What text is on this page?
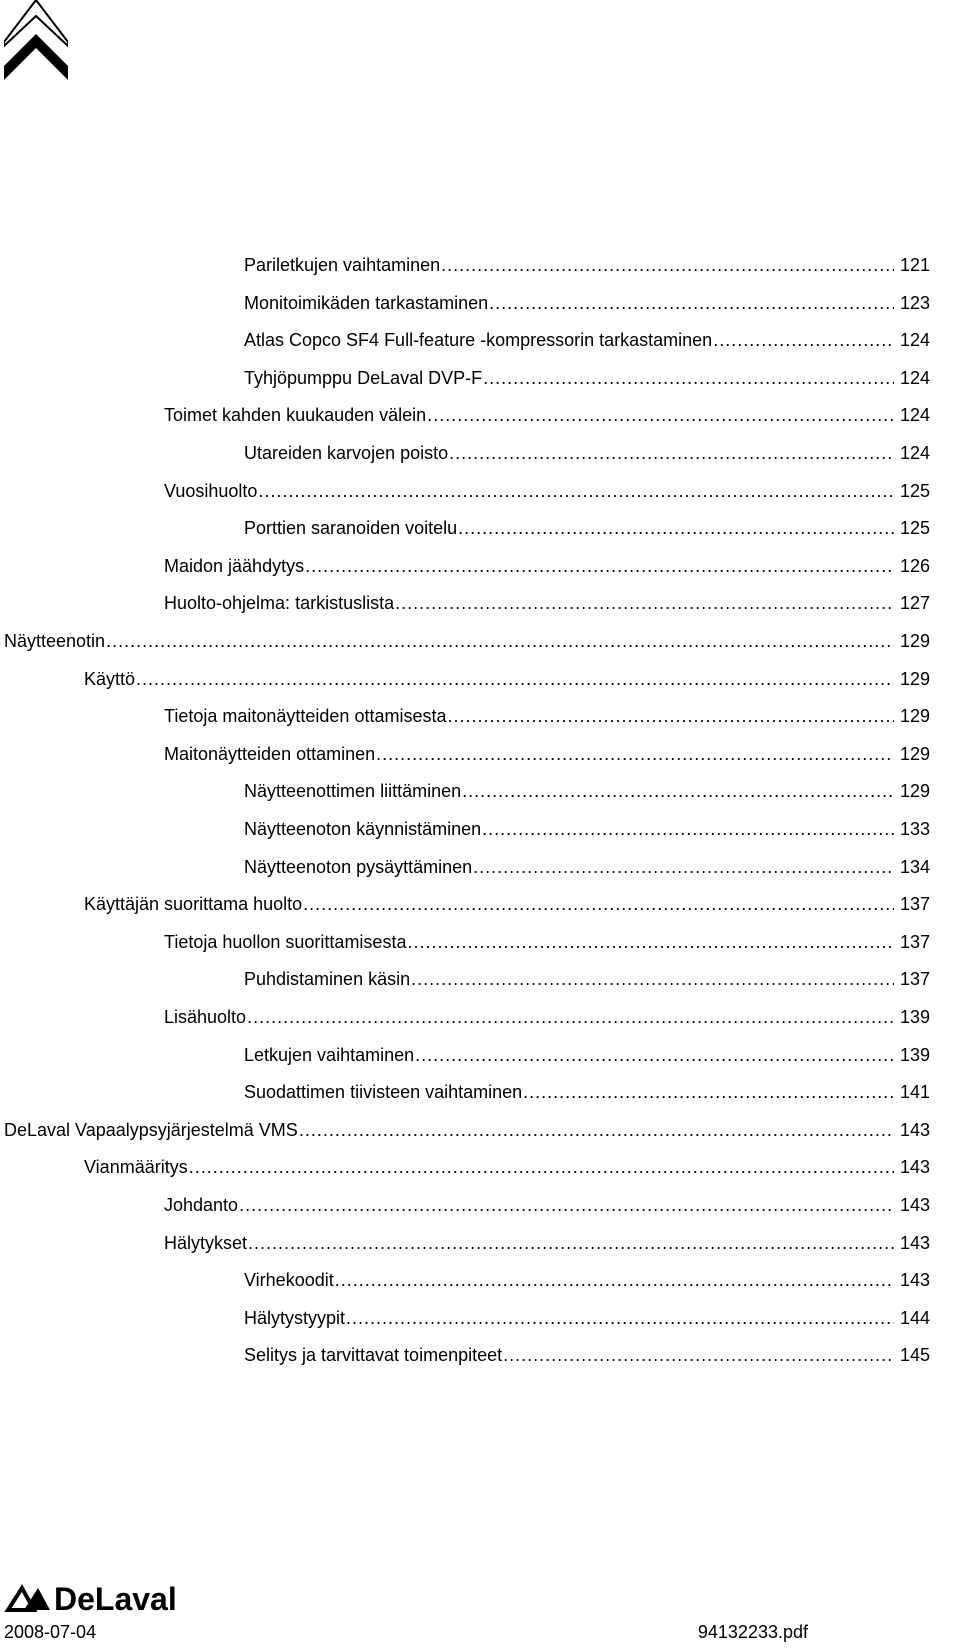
Pariletkujen vaihtaminen .....	121
Monitoimikäden tarkastaminen .....	123
Atlas Copco SF4 Full-feature -kompressorin tarkastaminen .....	124
Tyhjöpumppu DeLaval DVP-F .....	124
Toimet kahden kuukauden välein .....	124
Utareiden karvojen poisto .....	124
Vuosihuolto .....	125
Porttien saranoiden voitelu .....	125
Maidon jäähdytys .....	126
Huolto-ohjelma: tarkistuslista .....	127
Näytteenotin .....	129
Käyttö .....	129
Tietoja maitonäytteiden ottamisesta .....	129
Maitonäytteiden ottaminen .....	129
Näytteenottimen liittäminen .....	129
Näytteenoton käynnistäminen .....	133
Näytteenoton pysäyttäminen .....	134
Käyttäjän suorittama huolto .....	137
Tietoja huollon suorittamisesta .....	137
Puhdistaminen käsin .....	137
Lisähuolto .....	139
Letkujen vaihtaminen .....	139
Suodattimen tiivisteen vaihtaminen .....	141
DeLaval Vapaalypsyjärjestelmä VMS .....	143
Vianmääritys .....	143
Johdanto .....	143
Hälytykset .....	143
Virhekoodit .....	143
Hälytystyypit .....	144
Selitys ja tarvittavat toimenpiteet .....	145
DeLaval
2008-07-04	94132233.pdf
